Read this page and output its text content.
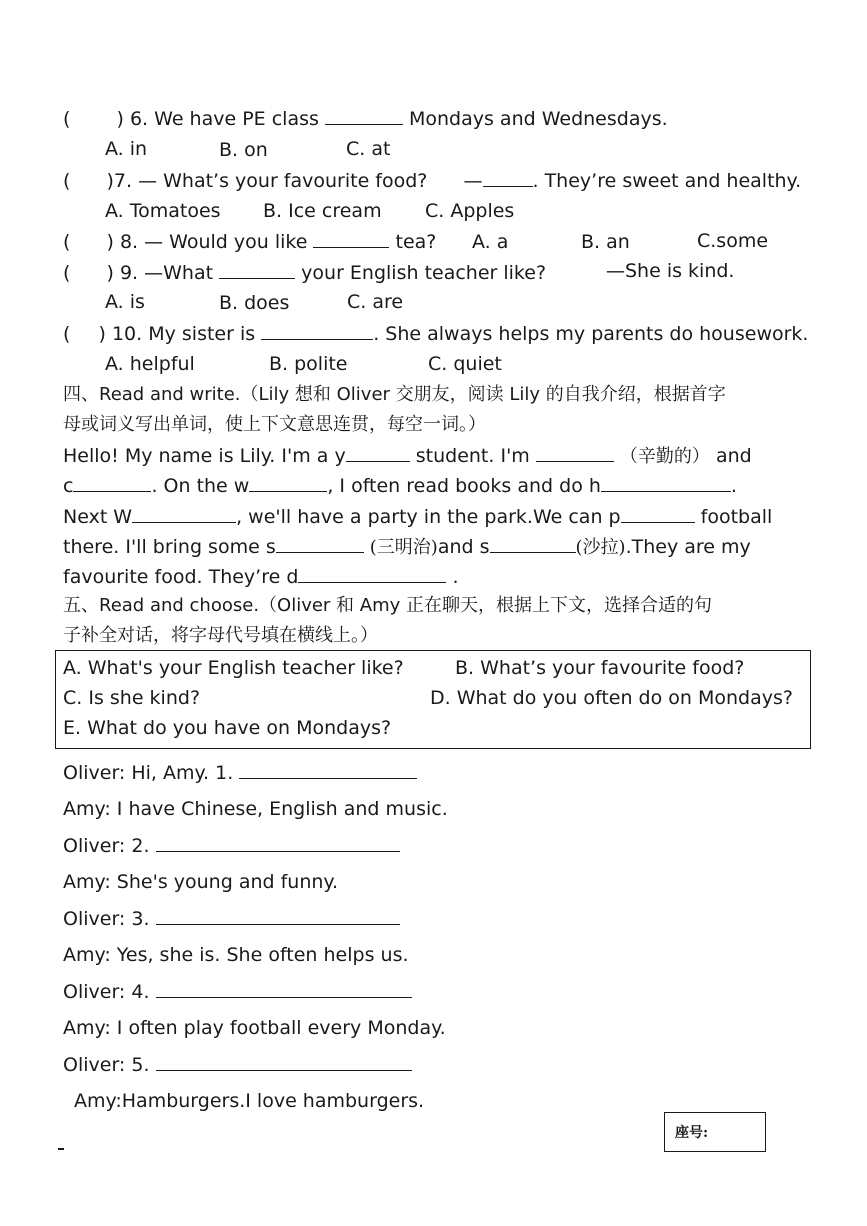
( ) 6. We have PE class	Mondays and Wednesdays.
A. in	B. on	C. at
( )7. — What’s your favourite food? —	. They’re sweet and healthy.
A. Tomatoes B. Ice cream C. Apples
( ) 8. — Would you like	tea? A. a	B. an	C.some
( ) 9. —What	your English teacher like?	—She is kind.
A. is	B. does	C. are
( ) 10. My sister is	. She always helps my parents do housework.
A. helpful	B. polite	C. quiet
四、Read and write.（Lily 想和 Oliver 交朋友，阅读 Lily 的自我介绍，根据首字
母或词义写出单词，使上下文意思连贯，每空一词。）
Hello! My name is Lily. I'm a y	student. I'm	（辛勤的） and
c	. On the w	, I often read books and do h	.
Next W	, we'll have a party in the park.We can p	football
there. I'll bring some s	(三明治)and s	(沙拉).They are my
favourite food. They’re d	.
五、Read and choose.（Oliver 和 Amy 正在聊天，根据上下文，选择合适的句
子补全对话，将字母代号填在横线上。）
A. What's your English teacher like?	B. What’s your favourite food?
C. Is she kind?	D. What do you often do on Mondays?
E. What do you have on Mondays?
Oliver: Hi, Amy. 1.
Amy: I have Chinese, English and music.
Oliver: 2.
Amy: She's young and funny.
Oliver: 3.
Amy: Yes, she is. She often helps us.
Oliver: 4.
Amy: I often play football every Monday.
Oliver: 5.
Amy:Hamburgers.I love hamburgers.
座号:
